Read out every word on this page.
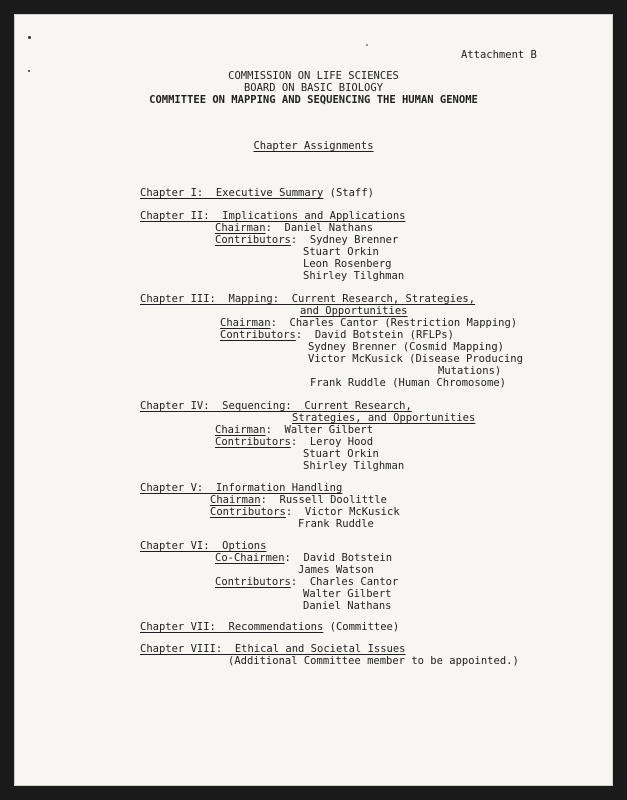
Attachment B
COMMISSION ON LIFE SCIENCES
BOARD ON BASIC BIOLOGY
COMMITTEE ON MAPPING AND SEQUENCING THE HUMAN GENOME
Chapter Assignments
Chapter I:  Executive Summary (Staff)
Chapter II:  Implications and Applications
Chairman:  Daniel Nathans
Contributors:  Sydney Brenner
Stuart Orkin
Leon Rosenberg
Shirley Tilghman
Chapter III:  Mapping:  Current Research, Strategies,
and Opportunities
Chairman:  Charles Cantor (Restriction Mapping)
Contributors:  David Botstein (RFLPs)
Sydney Brenner (Cosmid Mapping)
Victor McKusick (Disease Producing
Mutations)
Frank Ruddle (Human Chromosome)
Chapter IV:  Sequencing:  Current Research,
Strategies, and Opportunities
Chairman:  Walter Gilbert
Contributors:  Leroy Hood
Stuart Orkin
Shirley Tilghman
Chapter V:  Information Handling
Chairman:  Russell Doolittle
Contributors:  Victor McKusick
Frank Ruddle
Chapter VI:  Options
Co-Chairmen:  David Botstein
James Watson
Contributors:  Charles Cantor
Walter Gilbert
Daniel Nathans
Chapter VII:  Recommendations (Committee)
Chapter VIII:  Ethical and Societal Issues
(Additional Committee member to be appointed.)
